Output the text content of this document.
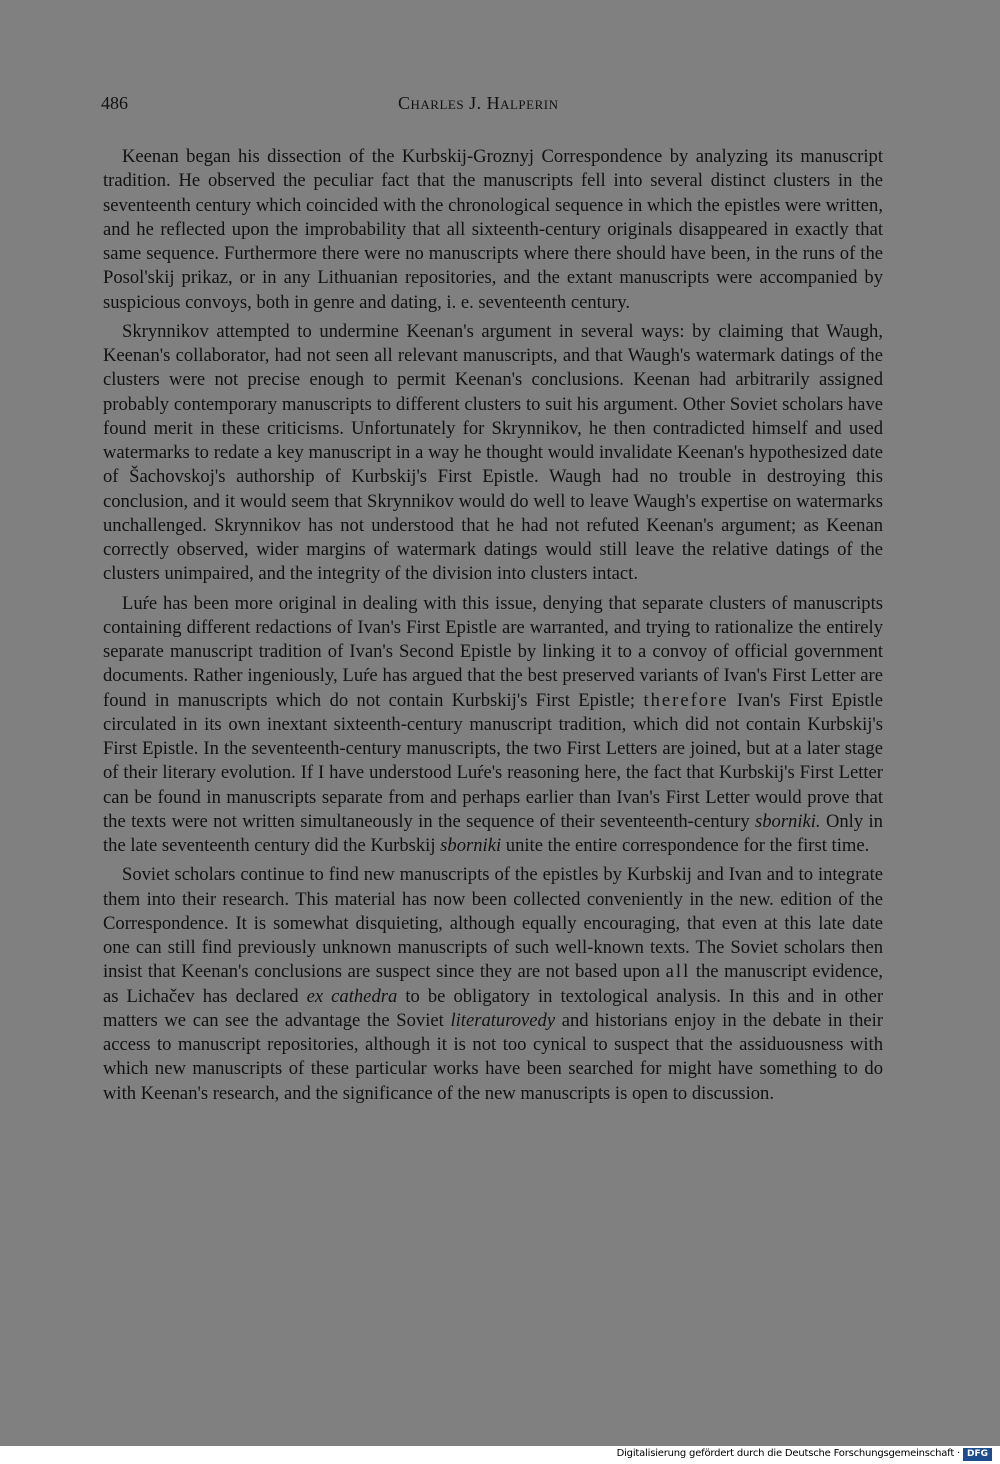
486	Charles J. Halperin

Keenan began his dissection of the Kurbskij-Groznyj Correspondence by analyzing its manuscript tradition. He observed the peculiar fact that the manuscripts fell into several distinct clusters in the seventeenth century which coincided with the chronological sequence in which the epistles were written, and he reflected upon the improbability that all sixteenth-century originals disappeared in exactly that same sequence. Furthermore there were no manuscripts where there should have been, in the runs of the Posol'skij prikaz, or in any Lithuanian repositories, and the extant manuscripts were accompanied by suspicious convoys, both in genre and dating, i. e. seventeenth century.

Skrynnikov attempted to undermine Keenan's argument in several ways: by claiming that Waugh, Keenan's collaborator, had not seen all relevant manuscripts, and that Waugh's watermark datings of the clusters were not precise enough to permit Keenan's conclusions. Keenan had arbitrarily assigned probably contemporary manuscripts to different clusters to suit his argument. Other Soviet scholars have found merit in these criticisms. Unfortunately for Skrynnikov, he then contradicted himself and used watermarks to redate a key manuscript in a way he thought would invalidate Keenan's hypothesized date of Šachovskoj's authorship of Kurbskij's First Epistle. Waugh had no trouble in destroying this conclusion, and it would seem that Skrynnikov would do well to leave Waugh's expertise on watermarks unchallenged. Skrynnikov has not understood that he had not refuted Keenan's argument; as Keenan correctly observed, wider margins of watermark datings would still leave the relative datings of the clusters unimpaired, and the integrity of the division into clusters intact.

Luŕe has been more original in dealing with this issue, denying that separate clusters of manuscripts containing different redactions of Ivan's First Epistle are warranted, and trying to rationalize the entirely separate manuscript tradition of Ivan's Second Epistle by linking it to a convoy of official government documents. Rather ingeniously, Luŕe has argued that the best preserved variants of Ivan's First Letter are found in manuscripts which do not contain Kurbskij's First Epistle; therefore Ivan's First Epistle circulated in its own inextant sixteenth-century manuscript tradition, which did not contain Kurbskij's First Epistle. In the seventeenth-century manuscripts, the two First Letters are joined, but at a later stage of their literary evolution. If I have understood Luŕe's reasoning here, the fact that Kurbskij's First Letter can be found in manuscripts separate from and perhaps earlier than Ivan's First Letter would prove that the texts were not written simultaneously in the sequence of their seventeenth-century sborniki. Only in the late seventeenth century did the Kurbskij sborniki unite the entire correspondence for the first time.

Soviet scholars continue to find new manuscripts of the epistles by Kurbskij and Ivan and to integrate them into their research. This material has now been collected conveniently in the new. edition of the Correspondence. It is somewhat disquieting, although equally encouraging, that even at this late date one can still find previously unknown manuscripts of such well-known texts. The Soviet scholars then insist that Keenan's conclusions are suspect since they are not based upon all the manuscript evidence, as Lichačev has declared ex cathedra to be obligatory in textological analysis. In this and in other matters we can see the advantage the Soviet literaturovedy and historians enjoy in the debate in their access to manuscript repositories, although it is not too cynical to suspect that the assiduousness with which new manuscripts of these particular works have been searched for might have something to do with Keenan's research, and the significance of the new manuscripts is open to discussion.

Digitalisierung gefördert durch die Deutsche Forschungsgemeinschaft · DFG
